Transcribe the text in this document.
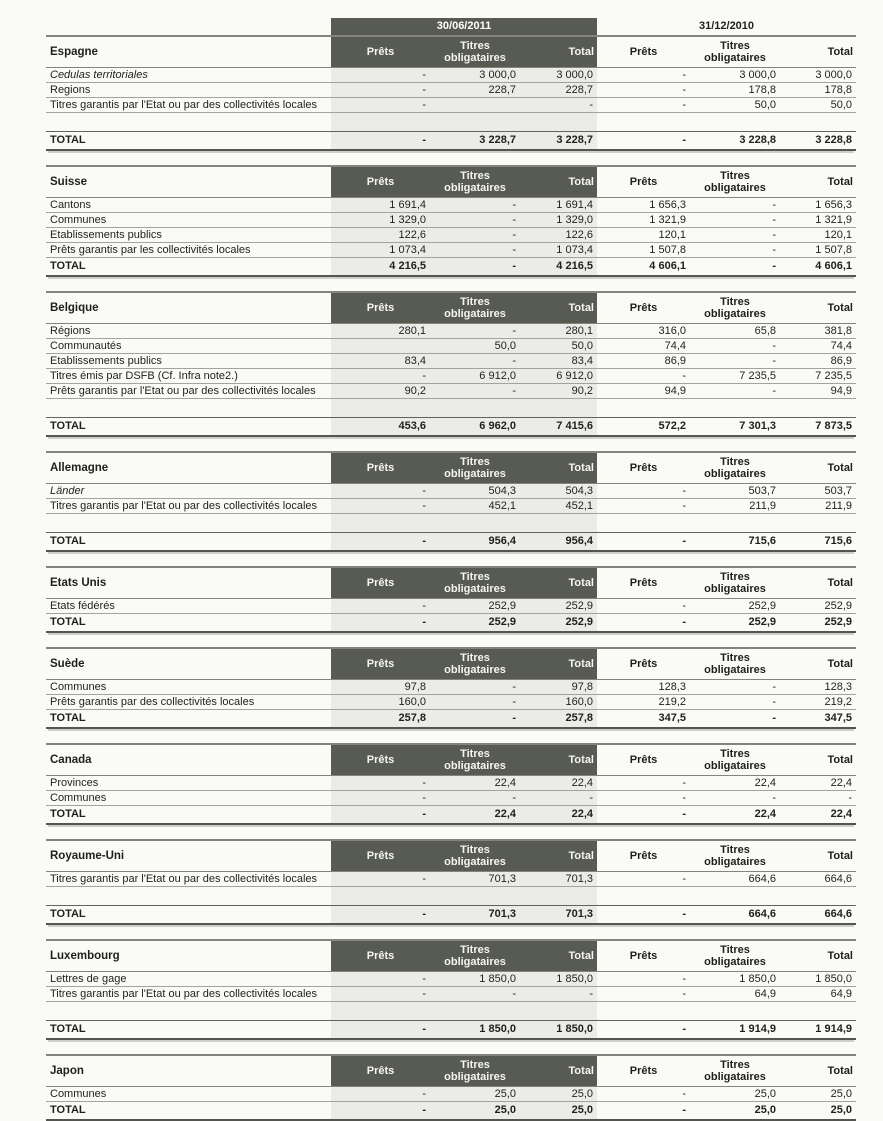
	30/06/2011			31/12/2010		
Espagne	Prêts	Titres obligataires	Total	Prêts	Titres obligataires	Total
Cedulas territoriales	-	3 000,0	3 000,0	-	3 000,0	3 000,0
Regions	-	228,7	228,7	-	178,8	178,8
Titres garantis par l'Etat ou par des collectivités locales	-		-	-	50,0	50,0

TOTAL	-	3 228,7	3 228,7	-	3 228,8	3 228,8
Suisse	Prêts	Titres obligataires	Total	Prêts	Titres obligataires	Total
Cantons	1 691,4	-	1 691,4	1 656,3	-	1 656,3
Communes	1 329,0	-	1 329,0	1 321,9	-	1 321,9
Etablissements publics	122,6	-	122,6	120,1	-	120,1
Prêts garantis par les collectivités locales	1 073,4	-	1 073,4	1 507,8	-	1 507,8
TOTAL	4 216,5	-	4 216,5	4 606,1	-	4 606,1
Belgique	Prêts	Titres obligataires	Total	Prêts	Titres obligataires	Total
Régions	280,1	-	280,1	316,0	65,8	381,8
Communautés		50,0	50,0	74,4	-	74,4
Etablissements publics	83,4	-	83,4	86,9	-	86,9
Titres émis par DSFB (Cf. Infra note2.)	-	6 912,0	6 912,0	-	7 235,5	7 235,5
Prêts garantis par l'Etat ou par des collectivités locales	90,2	-	90,2	94,9	-	94,9

TOTAL	453,6	6 962,0	7 415,6	572,2	7 301,3	7 873,5
Allemagne	Prêts	Titres obligataires	Total	Prêts	Titres obligataires	Total
Länder	-	504,3	504,3	-	503,7	503,7
Titres garantis par l'Etat ou par des collectivités locales	-	452,1	452,1	-	211,9	211,9

TOTAL	-	956,4	956,4	-	715,6	715,6
Etats Unis	Prêts	Titres obligataires	Total	Prêts	Titres obligataires	Total
Etats fédérés	-	252,9	252,9	-	252,9	252,9
TOTAL	-	252,9	252,9	-	252,9	252,9
Suède	Prêts	Titres obligataires	Total	Prêts	Titres obligataires	Total
Communes	97,8	-	97,8	128,3	-	128,3
Prêts garantis par des collectivités locales	160,0	-	160,0	219,2	-	219,2
TOTAL	257,8	-	257,8	347,5	-	347,5
Canada	Prêts	Titres obligataires	Total	Prêts	Titres obligataires	Total
Provinces	-	22,4	22,4	-	22,4	22,4
Communes	-	-	-	-	-	-
TOTAL	-	22,4	22,4	-	22,4	22,4
Royaume-Uni	Prêts	Titres obligataires	Total	Prêts	Titres obligataires	Total
Titres garantis par l'Etat ou par des collectivités locales	-	701,3	701,3	-	664,6	664,6

TOTAL	-	701,3	701,3	-	664,6	664,6
Luxembourg	Prêts	Titres obligataires	Total	Prêts	Titres obligataires	Total
Lettres de gage	-	1 850,0	1 850,0	-	1 850,0	1 850,0
Titres garantis par l'Etat ou par des collectivités locales	-	-	-	-	64,9	64,9

TOTAL	-	1 850,0	1 850,0	-	1 914,9	1 914,9
Japon	Prêts	Titres obligataires	Total	Prêts	Titres obligataires	Total
Communes	-	25,0	25,0	-	25,0	25,0
TOTAL	-	25,0	25,0	-	25,0	25,0
